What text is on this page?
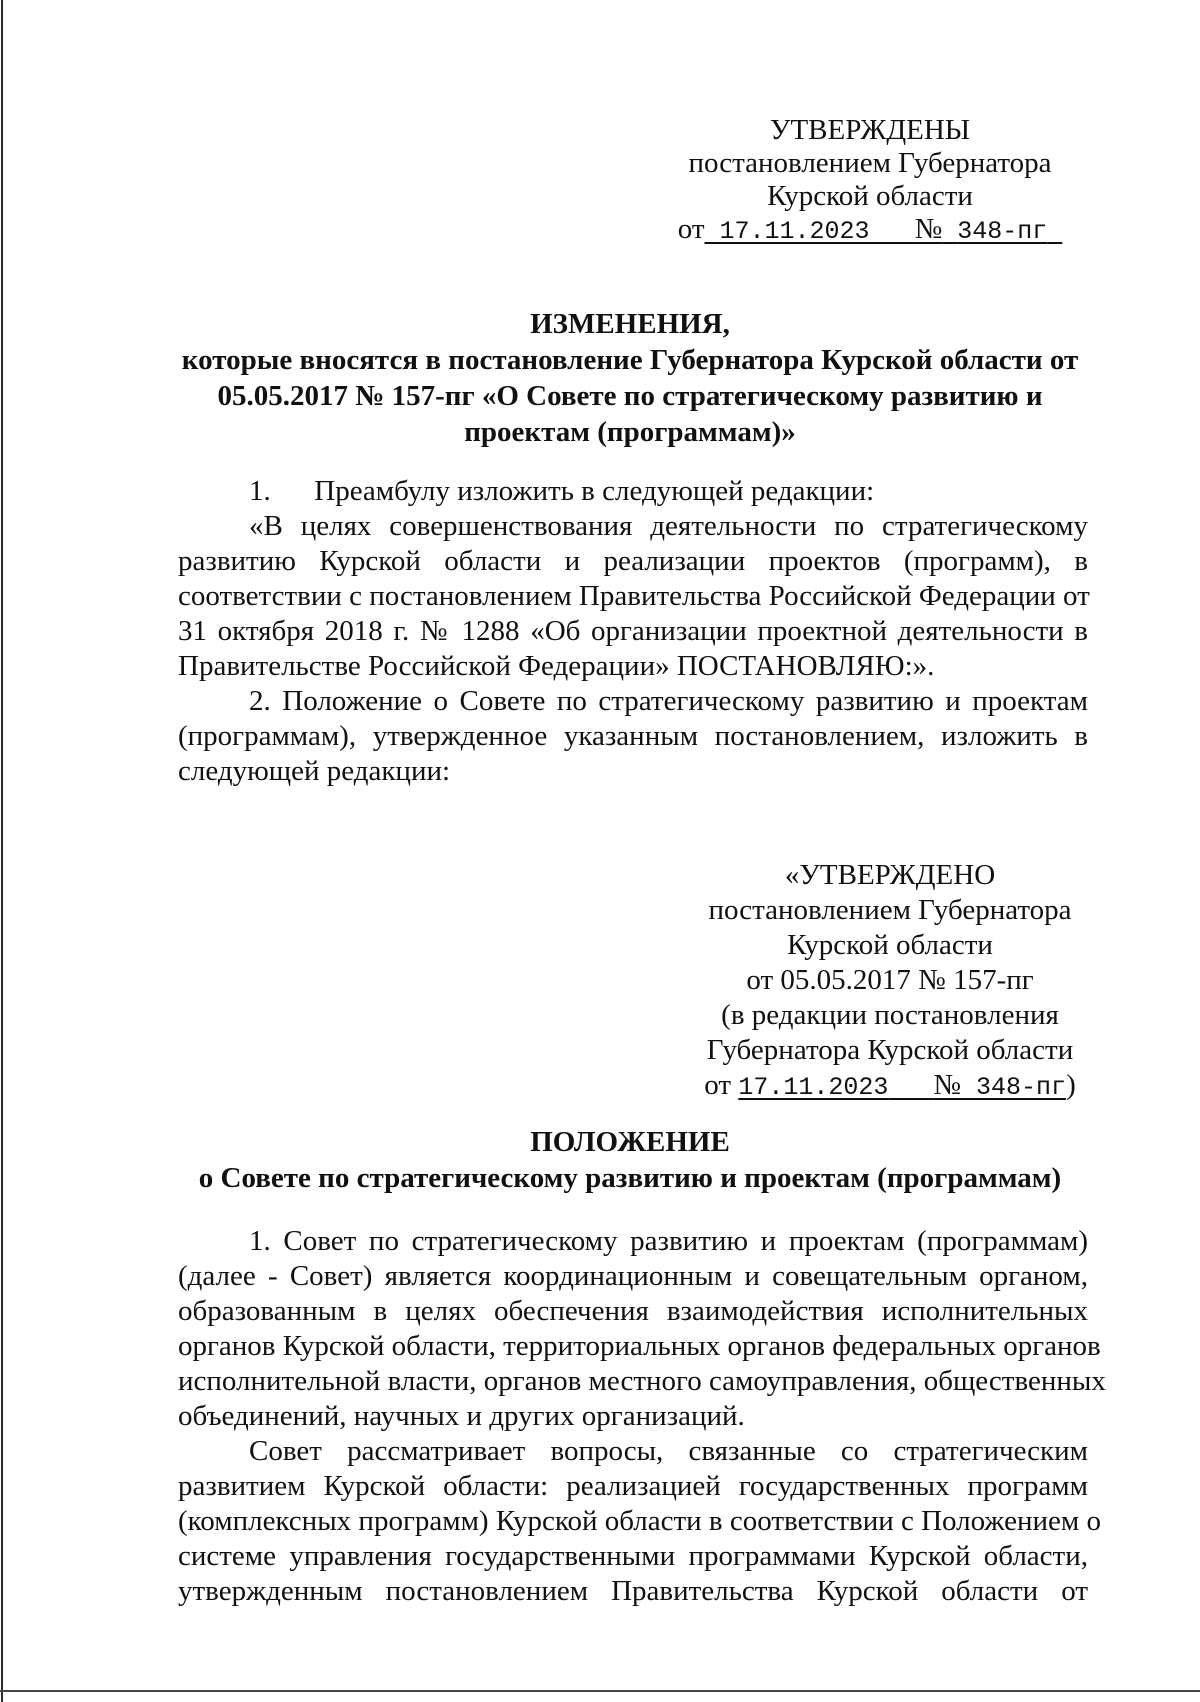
УТВЕРЖДЕНЫ
постановлением Губернатора
Курской области
от 17.11.2023 № 348-пг
ИЗМЕНЕНИЯ,
которые вносятся в постановление Губернатора Курской области от
05.05.2017 № 157-пг «О Совете по стратегическому развитию и
проектам (программам)»
1.      Преамбулу изложить в следующей редакции:
«В целях совершенствования деятельности по стратегическому
развитию Курской области и реализации проектов (программ), в
соответствии с постановлением Правительства Российской Федерации от
31 октября 2018 г. № 1288 «Об организации проектной деятельности в
Правительстве Российской Федерации» ПОСТАНОВЛЯЮ:».
2. Положение о Совете по стратегическому развитию и проектам
(программам), утвержденное указанным постановлением, изложить в
следующей редакции:
«УТВЕРЖДЕНО
постановлением Губернатора
Курской области
от 05.05.2017 № 157-пг
(в редакции постановления
Губернатора Курской области
от 17.11.2023 № 348-пг)
ПОЛОЖЕНИЕ
о Совете по стратегическому развитию и проектам (программам)
1. Совет по стратегическому развитию и проектам (программам)
(далее - Совет) является координационным и совещательным органом,
образованным в целях обеспечения взаимодействия исполнительных
органов Курской области, территориальных органов федеральных органов
исполнительной власти, органов местного самоуправления, общественных
объединений, научных и других организаций.
Совет рассматривает вопросы, связанные со стратегическим
развитием Курской области: реализацией государственных программ
(комплексных программ) Курской области в соответствии с Положением о
системе управления государственными программами Курской области,
утвержденным постановлением Правительства Курской области от
